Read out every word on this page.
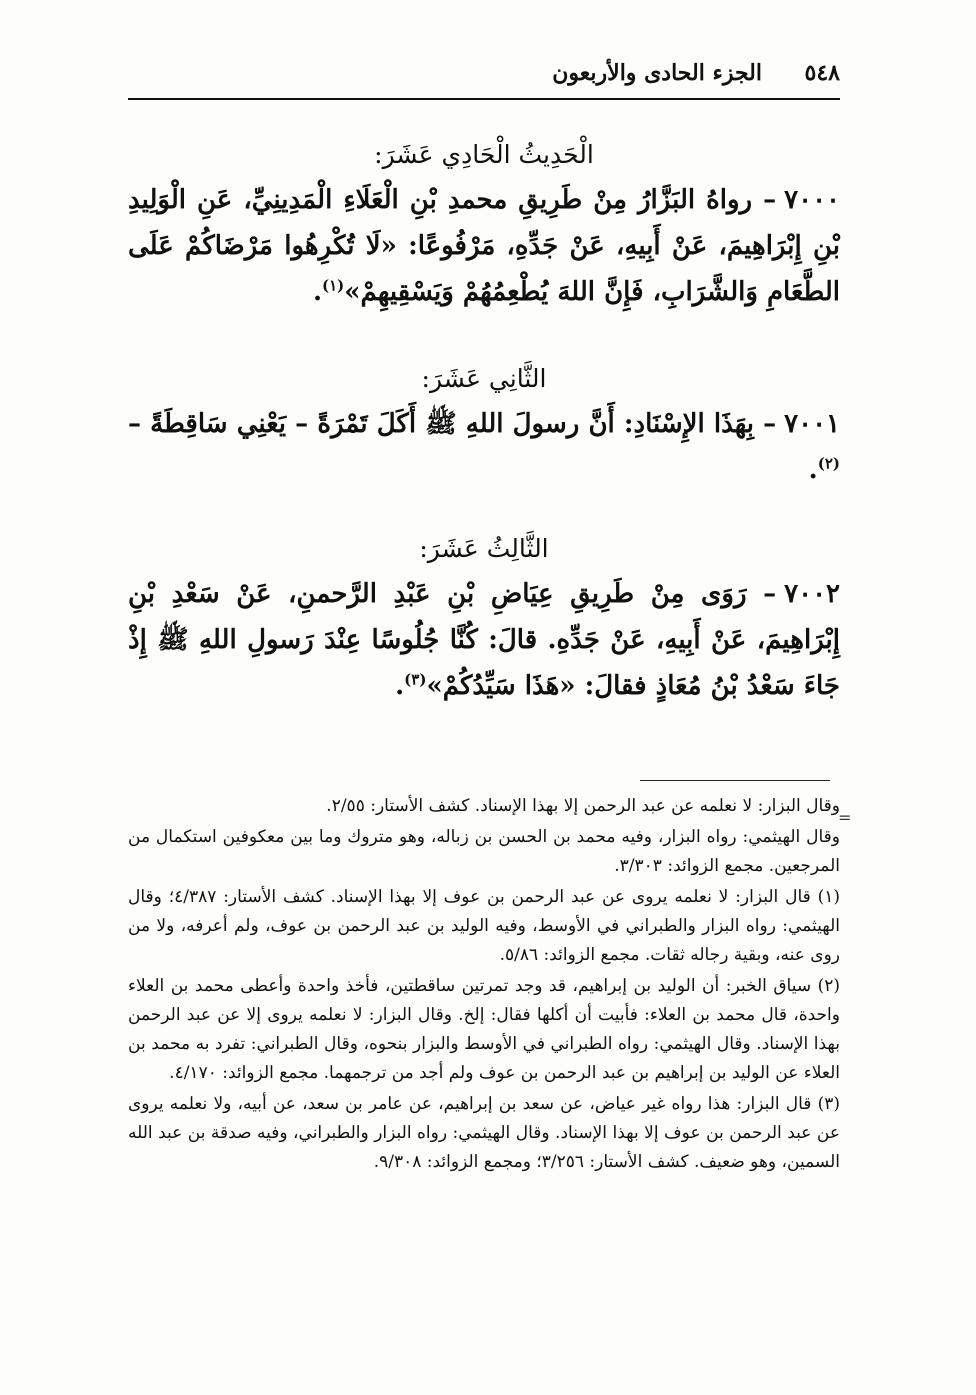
٥٤٨
الجزء الحادى والأربعون
الْحَدِيثُ الْحَادِي عَشَرَ:

٧٠٠٠– رواهُ البَزَّارُ مِنْ طَرِيقِ محمدِ بْنِ الْعَلَاءِ الْمَدِينِيِّ، عَنِ الْوَلِيدِ بْنِ إِبْرَاهِيمَ، عَنْ أَبِيهِ، عَنْ جَدِّهِ، مَرْفُوعًا: «لَا تُكْرِهُوا مَرْضَاكُمْ عَلَى الطَّعَامِ وَالشَّرَابِ، فَإِنَّ اللهَ يُطْعِمُهُمْ وَيَسْقِيهِمْ»$^{(١)}$.

الثَّانِي عَشَرَ:

٧٠٠١– بِهَذَا الإِسْنَادِ: أَنَّ رسولَ اللهِ ﷺ أَكَلَ تَمْرَةً – يَعْنِي سَاقِطَةً –$^{(٢)}$.

الثَّالِثُ عَشَرَ:

٧٠٠٢– رَوَى مِنْ طَرِيقِ عِيَاضِ بْنِ عَبْدِ الرَّحمنِ، عَنْ سَعْدِ بْنِ إِبْرَاهِيمَ، عَنْ أَبِيهِ، عَنْ جَدِّهِ. قالَ: كُنَّا جُلُوسًا عِنْدَ رَسولِ اللهِ ﷺ إِذْ جَاءَ سَعْدُ بْنُ مُعَاذٍ فقالَ: «هَذَا سَيِّدُكُمْ»$^{(٣)}$.

=

وقال البزار: لا نعلمه عن عبد الرحمن إلا بهذا الإسناد. كشف الأستار: ٢/٥٥.

وقال الهيثمي: رواه البزار، وفيه محمد بن الحسن بن زباله، وهو متروك وما بين معكوفين استكمال من المرجعين. مجمع الزوائد: ٣/٣٠٣.

(١) قال البزار: لا نعلمه يروى عن عبد الرحمن بن عوف إلا بهذا الإسناد. كشف الأستار: ٤/٣٨٧؛ وقال الهيثمي: رواه البزار والطبراني في الأوسط، وفيه الوليد بن عبد الرحمن بن عوف، ولم أعرفه، ولا من روى عنه، وبقية رجاله ثقات. مجمع الزوائد: ٥/٨٦.

(٢) سياق الخبر: أن الوليد بن إبراهيم، قد وجد تمرتين ساقطتين، فأخذ واحدة وأعطى محمد بن العلاء واحدة، قال محمد بن العلاء: فأبيت أن أكلها فقال: إلخ. وقال البزار: لا نعلمه يروى إلا عن عبد الرحمن بهذا الإسناد. وقال الهيثمي: رواه الطبراني في الأوسط والبزار بنحوه، وقال الطبراني: تفرد به محمد بن العلاء عن الوليد بن إبراهيم بن عبد الرحمن بن عوف ولم أجد من ترجمهما. مجمع الزوائد: ٤/١٧٠.

(٣) قال البزار: هذا رواه غير عياض، عن سعد بن إبراهيم، عن عامر بن سعد، عن أبيه، ولا نعلمه يروى عن عبد الرحمن بن عوف إلا بهذا الإسناد. وقال الهيثمي: رواه البزار والطبراني، وفيه صدقة بن عبد الله السمين، وهو ضعيف. كشف الأستار: ٣/٢٥٦؛ ومجمع الزوائد: ٩/٣٠٨.
